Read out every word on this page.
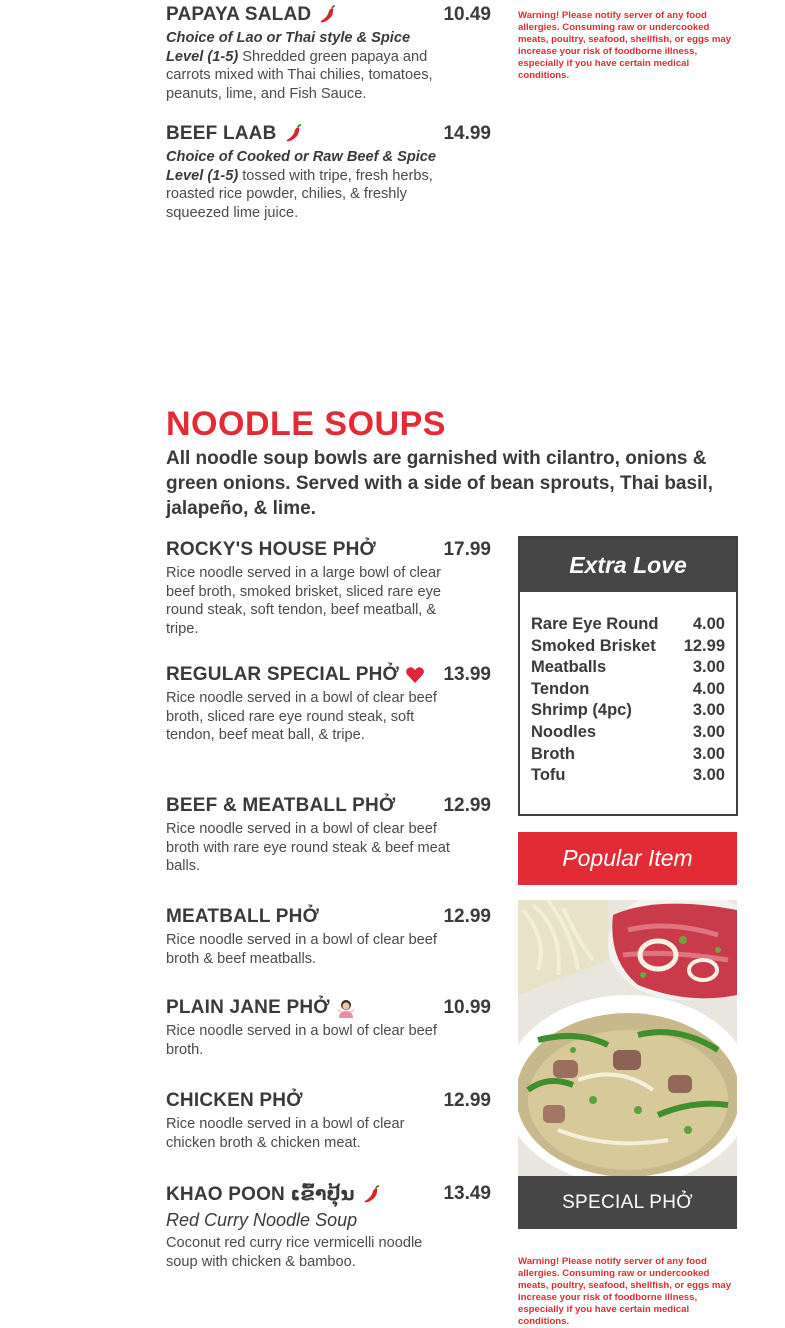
PAPAYA SALAD	10.49
Choice of Lao or Thai style & Spice Level (1-5) Shredded green papaya and carrots mixed with Thai chilies, tomatoes, peanuts, lime, and Fish Sauce.
BEEF LAAB	14.99
Choice of Cooked or Raw Beef & Spice Level (1-5) tossed with tripe, fresh herbs, roasted rice powder, chilies, & freshly squeezed lime juice.
Warning! Please notify server of any food allergies. Consuming raw or undercooked meats, poultry, seafood, shellfish, or eggs may increase your risk of foodborne illness, especially if you have certain medical conditions.
NOODLE SOUPS
All noodle soup bowls are garnished with cilantro, onions & green onions. Served with a side of bean sprouts, Thai basil, jalapeño, & lime.
ROCKY'S HOUSE PHỞ	17.99
Rice noodle served in a large bowl of clear beef broth, smoked brisket, sliced rare eye round steak, soft tendon, beef meatball, & tripe.
REGULAR SPECIAL PHỞ 13.99
Rice noodle served in a bowl of clear beef broth, sliced rare eye round steak, soft tendon, beef meat ball, & tripe.
BEEF & MEATBALL PHỞ	12.99
Rice noodle served in a bowl of clear beef broth with rare eye round steak & beef meat balls.
MEATBALL PHỞ	12.99
Rice noodle served in a bowl of clear beef broth & beef meatballs.
PLAIN JANE PHỞ	10.99
Rice noodle served in a bowl of clear beef broth.
CHICKEN PHỞ	12.99
Rice noodle served in a bowl of clear chicken broth & chicken meat.
KHAO POON ເຂົ້າປຸ້ນ	13.49
Red Curry Noodle Soup
Coconut red curry rice vermicelli noodle soup with chicken & bamboo.
Extra Love
Rare Eye Round 4.00
Smoked Brisket 12.99
Meatballs	3.00
Tendon	4.00
Shrimp (4pc)	3.00
Noodles	3.00
Broth	3.00
Tofu	3.00
Popular Item
SPECIAL PHỞ
Warning! Please notify server of any food allergies. Consuming raw or undercooked meats, poultry, seafood, shellfish, or eggs may increase your risk of foodborne illness, especially if you have certain medical conditions.
